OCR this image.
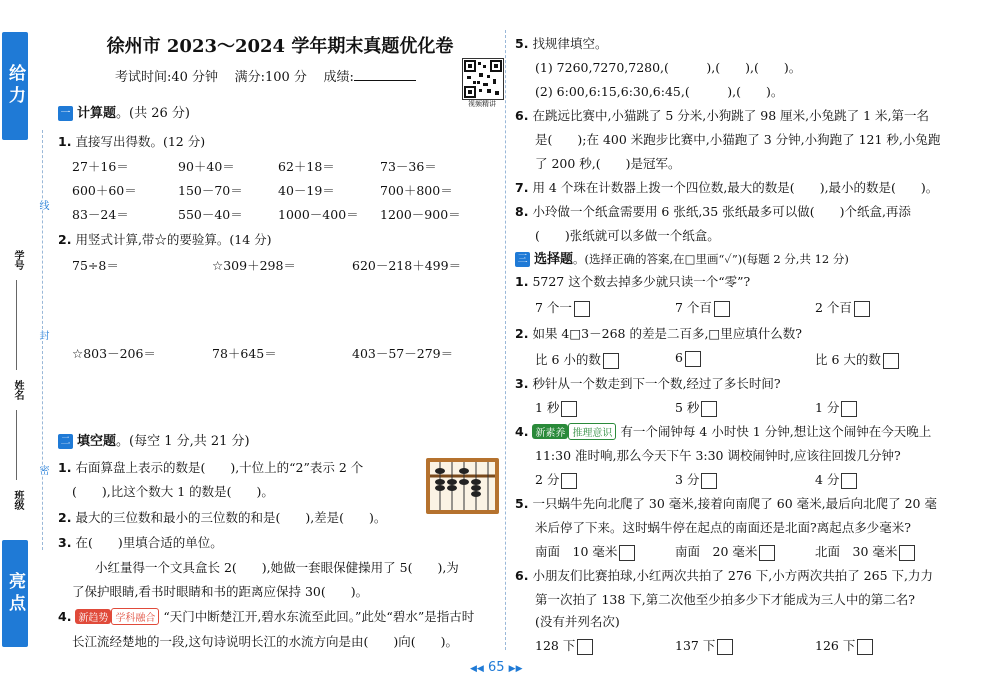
给力
学号
姓名
班级
亮点
线
封
密
徐州市 2023～2024 学年期末真题优化卷
考试时间:40 分钟 满分:100 分 成绩:
视频精讲
一 计算题。(共 26 分)
1. 直接写出得数。(12 分)
27＋16＝	90＋40＝	62＋18＝	73－36＝
600＋60＝	150－70＝	40－19＝	700＋800＝
83－24＝	550－40＝	1000－400＝ 1200－900＝
2. 用竖式计算,带☆的要验算。(14 分)
75÷8＝	☆309＋298＝	620－218＋499＝
☆803－206＝	78＋645＝	403－57－279＝
二 填空题。(每空 1 分,共 21 分)
1. 右面算盘上表示的数是(　　),十位上的“2”表示 2 个
(　　),比这个数大 1 的数是(　　)。
2. 最大的三位数和最小的三位数的和是(　　),差是(　　)。
3. 在(　　)里填合适的单位。
小红量得一个文具盒长 2(　　),她做一套眼保健操用了 5(　　),为
了保护眼睛,看书时眼睛和书的距离应保持 30(　　)。
4. 新趋势 学科融合 “天门中断楚江开,碧水东流至此回。”此处“碧水”是指古时
长江流经楚地的一段,这句诗说明长江的水流方向是由(　　)向(　　)。
5. 找规律填空。
(1) 7260,7270,7280,(　　　),(　　),(　　)。
(2) 6:00,6:15,6:30,6:45,(　　　),(　　)。
6. 在跳远比赛中,小猫跳了 5 分米,小狗跳了 98 厘米,小兔跳了 1 米,第一名
是(　　);在 400 米跑步比赛中,小猫跑了 3 分钟,小狗跑了 121 秒,小兔跑
了 200 秒,(　　)是冠军。
7. 用 4 个珠在计数器上拨一个四位数,最大的数是(　　),最小的数是(　　)。
8. 小玲做一个纸盒需要用 6 张纸,35 张纸最多可以做(　　)个纸盒,再添
(　　)张纸就可以多做一个纸盒。
三 选择题。(选择正确的答案,在□里画“✓”)(每题 2 分,共 12 分)
1. 5727 这个数去掉多少就只读一个“零”?
7 个一	7 个百	2 个百
2. 如果 4□3－268 的差是二百多,□里应填什么数?
比 6 小的数	6	比 6 大的数
3. 秒针从一个数走到下一个数,经过了多长时间?
1 秒	5 秒	1 分
4. 新素养 推理意识 有一个闹钟每 4 小时快 1 分钟,想让这个闹钟在今天晚上
11:30 准时响,那么今天下午 3:30 调校闹钟时,应该往回拨几分钟?
2 分	3 分	4 分
5. 一只蜗牛先向北爬了 30 毫米,接着向南爬了 60 毫米,最后向北爬了 20 毫
米后停了下来。这时蜗牛停在起点的南面还是北面?离起点多少毫米?
南面　10 毫米	南面　20 毫米	北面　30 毫米
6. 小朋友们比赛拍球,小红两次共拍了 276 下,小方两次共拍了 265 下,力力
第一次拍了 138 下,第二次他至少拍多少下才能成为三人中的第二名?
(没有并列名次)
128 下	137 下	126 下
◀◀ 65 ▶▶
